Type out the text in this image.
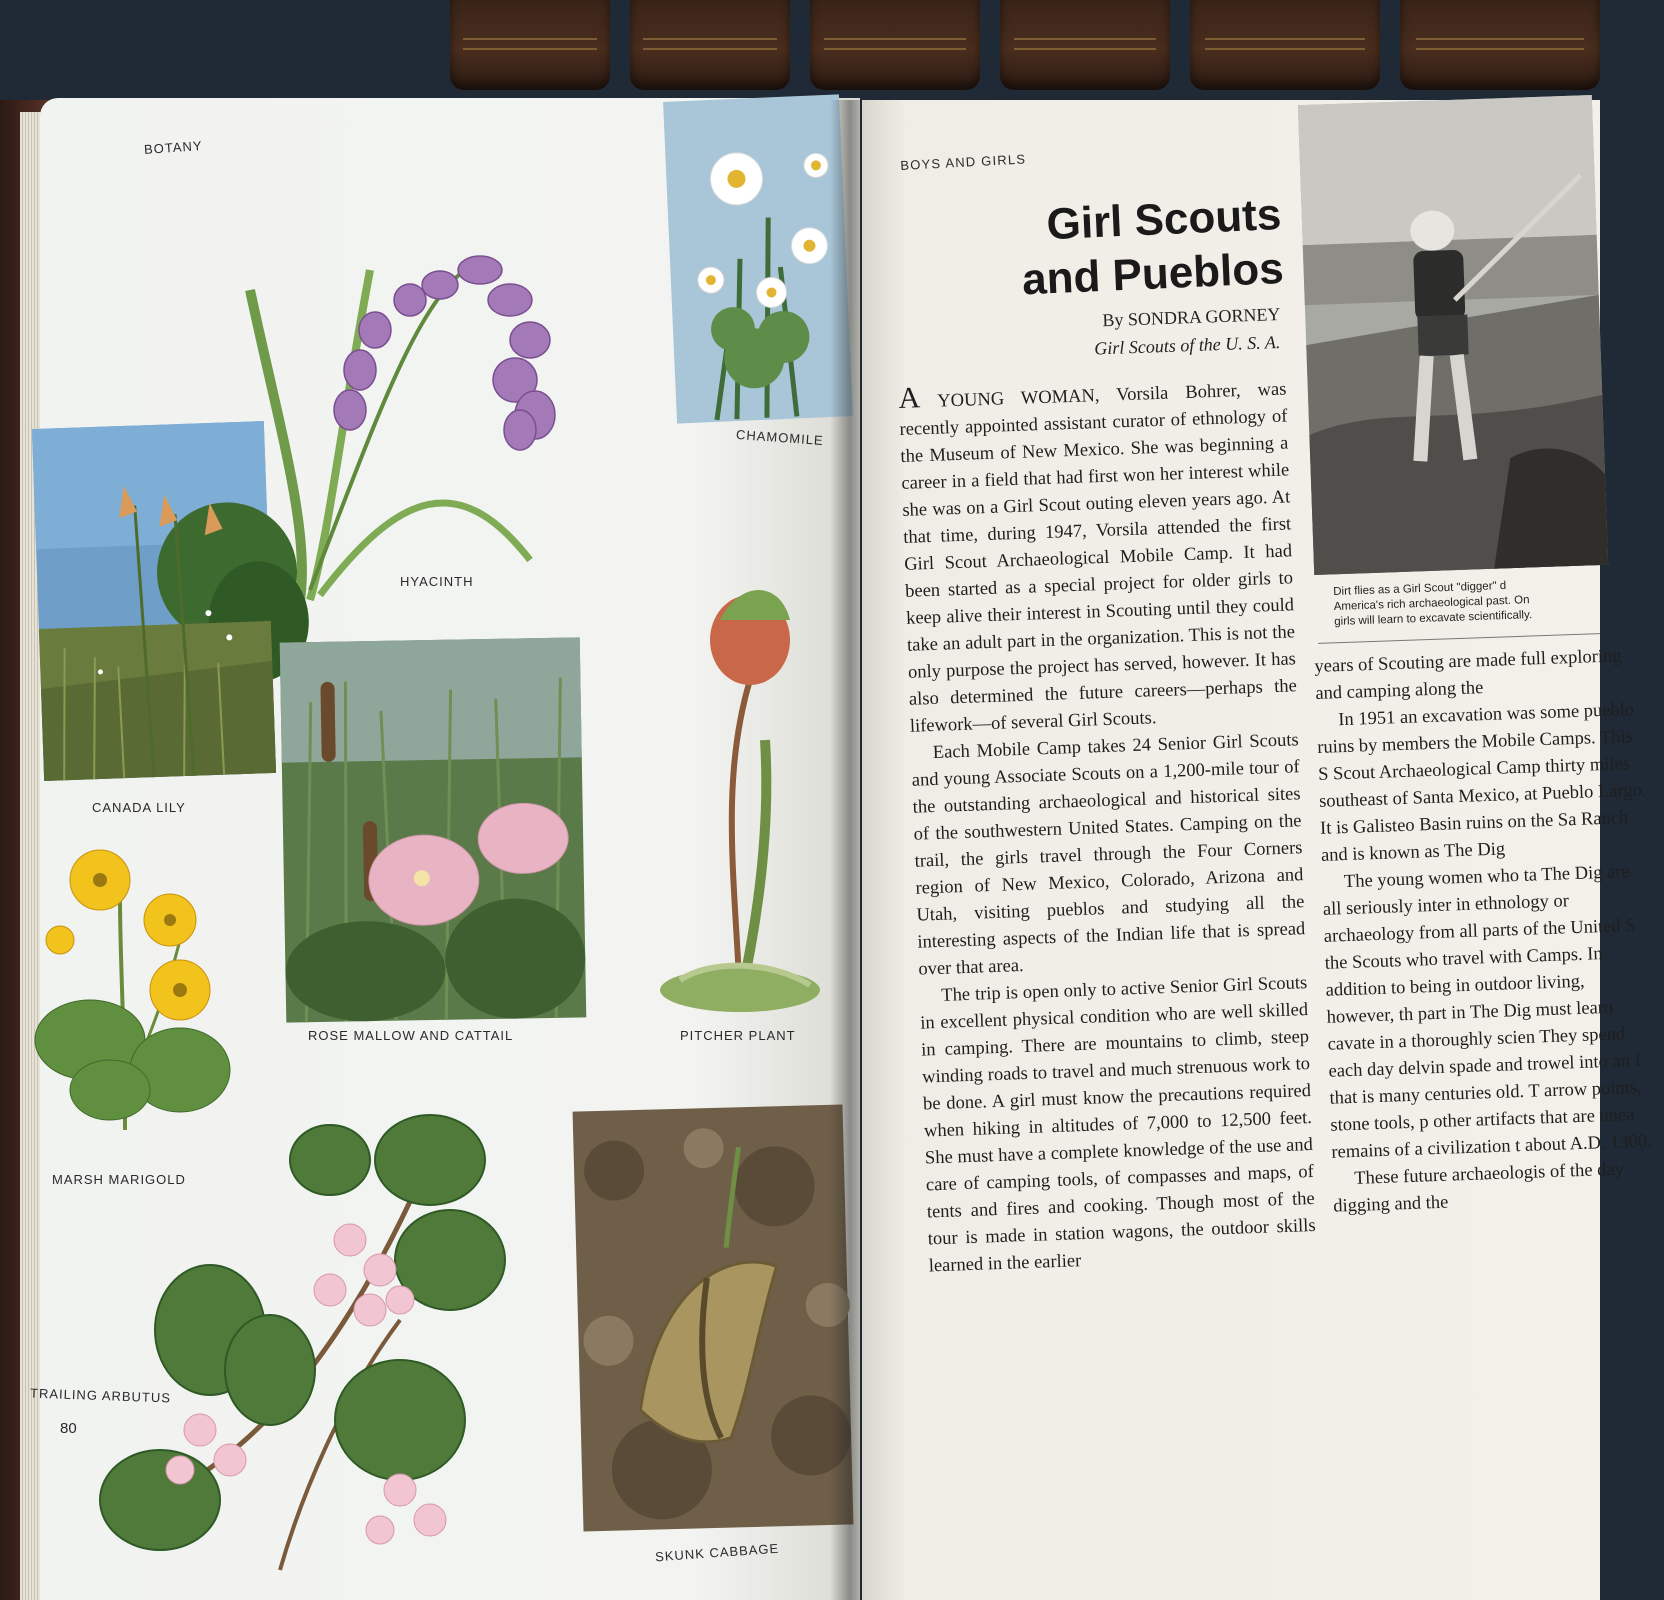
BOTANY
HYACINTH
CHAMOMILE
CANADA LILY
ROSE MALLOW AND CATTAIL	PITCHER PLANT
MARSH MARIGOLD
TRAILING ARBUTUS
80
SKUNK CABBAGE
BOYS AND GIRLS
Girl Scouts
and Pueblos
By SONDRA GORNEY
Girl Scouts of the U. S. A.

A YOUNG WOMAN, Vorsila Bohrer, was recently appointed assistant curator of ethnology of the Museum of New Mexico. She was beginning a career in a field that had first won her interest while she was on a Girl Scout outing eleven years ago. At that time, during 1947, Vorsila attended the first Girl Scout Archaeological Mobile Camp. It had been started as a special project for older girls to keep alive their interest in Scouting until they could take an adult part in the organization. This is not the only purpose the project has served, however. It has also determined the future careers—perhaps the lifework—of several Girl Scouts.

Each Mobile Camp takes 24 Senior Girl Scouts and young Associate Scouts on a 1,200-mile tour of the outstanding archaeological and historical sites of the southwestern United States. Camping on the trail, the girls travel through the Four Corners region of New Mexico, Colorado, Arizona and Utah, visiting pueblos and studying all the interesting aspects of the Indian life that is spread over that area.

The trip is open only to active Senior Girl Scouts in excellent physical condition who are well skilled in camping. There are mountains to climb, steep winding roads to travel and much strenuous work to be done. A girl must know the precautions required when hiking in altitudes of 7,000 to 12,500 feet. She must have a complete knowledge of the use and care of camping tools, of compasses and maps, of tents and fires and cooking. Though most of the tour is made in station wagons, the outdoor skills learned in the earlier

Dirt flies as a Girl Scout "digger" d
America's rich archaeological past. On
girls will learn to excavate scientifically.

years of Scouting are made full exploring and camping along the

In 1951 an excavation was some pueblo ruins by members the Mobile Camps. This S Scout Archaeological Camp thirty miles southeast of Santa Mexico, at Pueblo Largo. It is Galisteo Basin ruins on the Sa Ranch and is known as The Dig

The young women who ta The Dig are all seriously inter in ethnology or archaeology from all parts of the United S the Scouts who travel with Camps. In addition to being in outdoor living, however, th part in The Dig must learn cavate in a thoroughly scien They spend each day delvin spade and trowel into an I that is many centuries old. T arrow points, stone tools, p other artifacts that are unea remains of a civilization t about A.D. 1300.

These future archaeologis of the day digging and the
